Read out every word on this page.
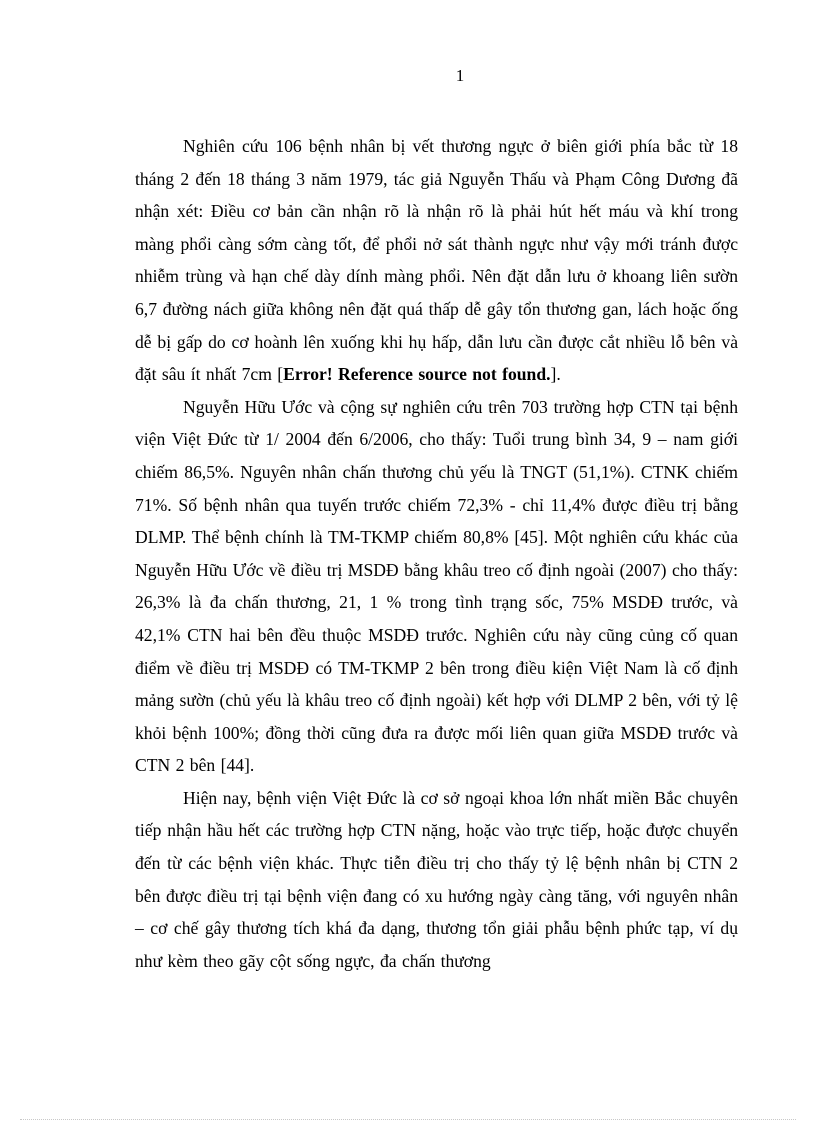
1

Nghiên cứu 106 bệnh nhân bị vết thương ngực ở biên giới phía bắc từ 18 tháng 2 đến 18 tháng 3 năm 1979, tác giả Nguyễn Thấu và Phạm Công Dương đã nhận xét: Điều cơ bản cần nhận rõ là nhận rõ là phải hút hết máu và khí trong màng phổi càng sớm càng tốt, để phổi nở sát thành ngực như vậy mới tránh được nhiễm trùng và hạn chế dày dính màng phổi. Nên đặt dẫn lưu ở khoang liên sườn 6,7 đường nách giữa không nên đặt quá thấp dễ gây tổn thương gan, lách hoặc ống dễ bị gấp do cơ hoành lên xuống khi hụ hấp, dẫn lưu cần được cắt nhiều lỗ bên và đặt sâu ít nhất 7cm [Error! Reference source not found.].

Nguyễn Hữu Ước và cộng sự nghiên cứu trên 703 trường hợp CTN tại bệnh viện Việt Đức từ 1/ 2004 đến 6/2006, cho thấy: Tuổi trung bình 34, 9 – nam giới chiếm 86,5%. Nguyên nhân chấn thương chủ yếu là TNGT (51,1%). CTNK chiếm 71%. Số bệnh nhân qua tuyến trước chiếm 72,3% - chỉ 11,4% được điều trị bằng DLMP. Thể bệnh chính là TM-TKMP chiếm 80,8% [45]. Một nghiên cứu khác của Nguyễn Hữu Ước về điều trị MSDĐ bằng khâu treo cố định ngoài (2007) cho thấy: 26,3% là đa chấn thương, 21, 1 % trong tình trạng sốc, 75% MSDĐ trước, và 42,1% CTN hai bên đều thuộc MSDĐ trước. Nghiên cứu này cũng củng cố quan điểm về điều trị MSDĐ có TM-TKMP 2 bên trong điều kiện Việt Nam là cố định mảng sườn (chủ yếu là khâu treo cố định ngoài) kết hợp với DLMP 2 bên, với tỷ lệ khỏi bệnh 100%; đồng thời cũng đưa ra được mối liên quan giữa MSDĐ trước và CTN 2 bên [44].

Hiện nay, bệnh viện Việt Đức là cơ sở ngoại khoa lớn nhất miền Bắc chuyên tiếp nhận hầu hết các trường hợp CTN nặng, hoặc vào trực tiếp, hoặc được chuyển đến từ các bệnh viện khác. Thực tiễn điều trị cho thấy tỷ lệ bệnh nhân bị CTN 2 bên được điều trị tại bệnh viện đang có xu hướng ngày càng tăng, với nguyên nhân – cơ chế gây thương tích khá đa dạng, thương tổn giải phẫu bệnh phức tạp, ví dụ như kèm theo gãy cột sống ngực, đa chấn thương
